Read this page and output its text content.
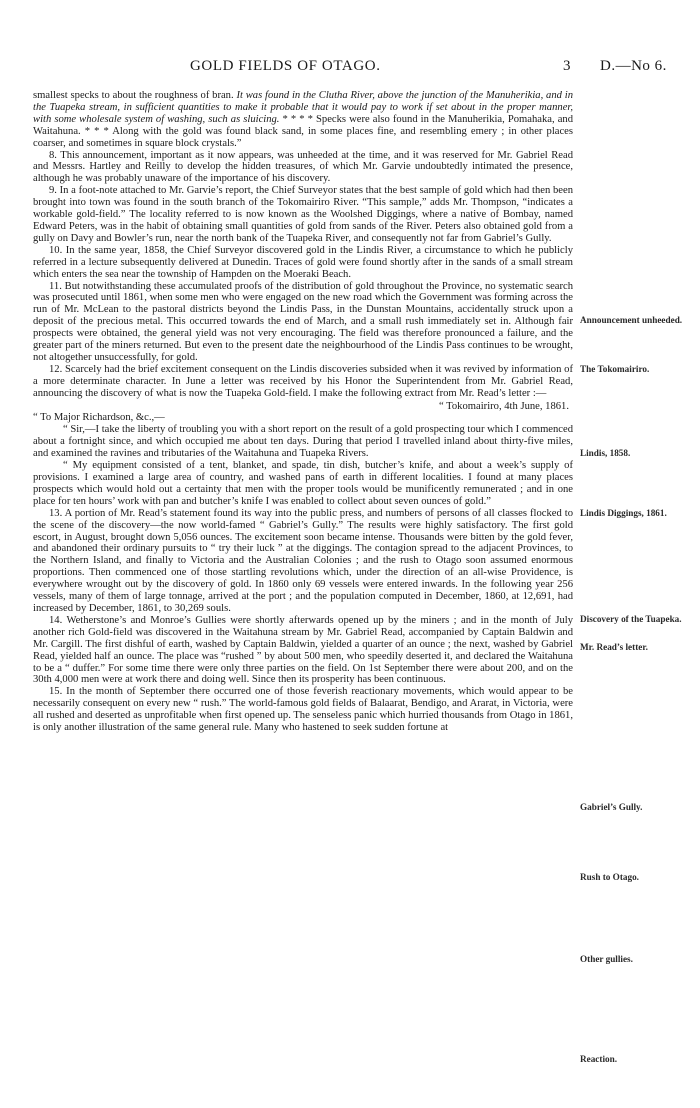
GOLD FIELDS OF OTAGO.	3 D.—No 6.

smallest specks to about the roughness of bran. It was found in the Clutha River, above the junction of the Manuherikia, and in the Tuapeka stream, in sufficient quantities to make it probable that it would pay to work if set about in the proper manner, with some wholesale system of washing, such as sluicing. * * * * Specks were also found in the Manuherikia, Pomahaka, and Waitahuna. * * * Along with the gold was found black sand, in some places fine, and resembling emery ; in other places coarser, and sometimes in square block crystals.”

8. This announcement, important as it now appears, was unheeded at the time, and it was reserved for Mr. Gabriel Read and Messrs. Hartley and Reilly to develop the hidden treasures, of which Mr. Garvie undoubtedly intimated the presence, although he was probably unaware of the importance of his discovery.

9. In a foot-note attached to Mr. Garvie’s report, the Chief Surveyor states that the best sample of gold which had then been brought into town was found in the south branch of the Tokomairiro River. “This sample,” adds Mr. Thompson, “indicates a workable gold-field.” The locality referred to is now known as the Woolshed Diggings, where a native of Bombay, named Edward Peters, was in the habit of obtaining small quantities of gold from sands of the River. Peters also obtained gold from a gully on Davy and Bowler’s run, near the north bank of the Tuapeka River, and consequently not far from Gabriel’s Gully.

10. In the same year, 1858, the Chief Surveyor discovered gold in the Lindis River, a circumstance to which he publicly referred in a lecture subsequently delivered at Dunedin. Traces of gold were found shortly after in the sands of a small stream which enters the sea near the township of Hampden on the Moeraki Beach.

11. But notwithstanding these accumulated proofs of the distribution of gold throughout the Province, no systematic search was prosecuted until 1861, when some men who were engaged on the new road which the Government was forming across the run of Mr. McLean to the pastoral districts beyond the Lindis Pass, in the Dunstan Mountains, accidentally struck upon a deposit of the precious metal. This occurred towards the end of March, and a small rush immediately set in. Although fair prospects were obtained, the general yield was not very encouraging. The field was therefore pronounced a failure, and the greater part of the miners returned. But even to the present date the neighbourhood of the Lindis Pass continues to be wrought, not altogether unsuccessfully, for gold.

12. Scarcely had the brief excitement consequent on the Lindis discoveries subsided when it was revived by information of a more determinate character. In June a letter was received by his Honor the Superintendent from Mr. Gabriel Read, announcing the discovery of what is now the Tuapeka Gold-field. I make the following extract from Mr. Read’s letter :—

“ Tokomairiro, 4th June, 1861.

“ To Major Richardson, &c.,—

“ Sir,—I take the liberty of troubling you with a short report on the result of a gold prospecting tour which I commenced about a fortnight since, and which occupied me about ten days. During that period I travelled inland about thirty-five miles, and examined the ravines and tributaries of the Waitahuna and Tuapeka Rivers.

“ My equipment consisted of a tent, blanket, and spade, tin dish, butcher’s knife, and about a week’s supply of provisions. I examined a large area of country, and washed pans of earth in different localities. I found at many places prospects which would hold out a certainty that men with the proper tools would be munificently remunerated ; and in one place for ten hours’ work with pan and butcher’s knife I was enabled to collect about seven ounces of gold.”

13. A portion of Mr. Read’s statement found its way into the public press, and numbers of persons of all classes flocked to the scene of the discovery—the now world-famed “ Gabriel’s Gully.” The results were highly satisfactory. The first gold escort, in August, brought down 5,056 ounces. The excitement soon became intense. Thousands were bitten by the gold fever, and abandoned their ordinary pursuits to “ try their luck ” at the diggings. The contagion spread to the adjacent Provinces, to the Northern Island, and finally to Victoria and the Australian Colonies ; and the rush to Otago soon assumed enormous proportions. Then commenced one of those startling revolutions which, under the direction of an all-wise Providence, is everywhere wrought out by the discovery of gold. In 1860 only 69 vessels were entered inwards. In the following year 256 vessels, many of them of large tonnage, arrived at the port ; and the population computed in December, 1860, at 12,691, had increased by December, 1861, to 30,269 souls.

14. Wetherstone’s and Monroe’s Gullies were shortly afterwards opened up by the miners ; and in the month of July another rich Gold-field was discovered in the Waitahuna stream by Mr. Gabriel Read, accompanied by Captain Baldwin and Mr. Cargill. The first dishful of earth, washed by Captain Baldwin, yielded a quarter of an ounce ; the next, washed by Gabriel Read, yielded half an ounce. The place was “rushed ” by about 500 men, who speedily deserted it, and declared the Waitahuna to be a “ duffer.” For some time there were only three parties on the field. On 1st September there were about 200, and on the 30th 4,000 men were at work there and doing well. Since then its prosperity has been continuous.

15. In the month of September there occurred one of those feverish reactionary movements, which would appear to be necessarily consequent on every new “ rush.” The world-famous gold fields of Balaarat, Bendigo, and Ararat, in Victoria, were all rushed and deserted as unprofitable when first opened up. The senseless panic which hurried thousands from Otago in 1861, is only another illustration of the same general rule. Many who hastened to seek sudden fortune at

Announcement unheeded.
The Tokomairiro.
Lindis, 1858.
Lindis Diggings, 1861.
Discovery of the Tuapeka.
Mr. Read’s letter.
Gabriel’s Gully.
Rush to Otago.
Other gullies.
Reaction.
